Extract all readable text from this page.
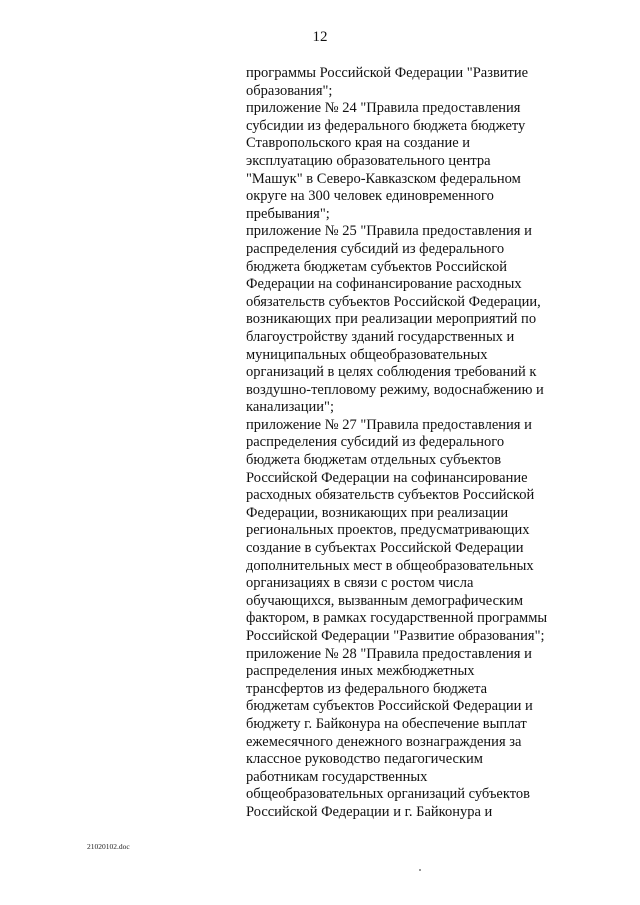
12
программы Российской Федерации "Развитие
образования";
приложение № 24 "Правила предоставления
субсидии из федерального бюджета бюджету
Ставропольского края на создание и
эксплуатацию образовательного центра
"Машук" в Северо-Кавказском федеральном
округе на 300 человек единовременного
пребывания";
приложение № 25 "Правила предоставления и
распределения субсидий из федерального
бюджета бюджетам субъектов Российской
Федерации на софинансирование расходных
обязательств субъектов Российской Федерации,
возникающих при реализации мероприятий по
благоустройству зданий государственных и
муниципальных общеобразовательных
организаций в целях соблюдения требований к
воздушно-тепловому режиму, водоснабжению и
канализации";
приложение № 27 "Правила предоставления и
распределения субсидий из федерального
бюджета бюджетам отдельных субъектов
Российской Федерации на софинансирование
расходных обязательств субъектов Российской
Федерации, возникающих при реализации
региональных проектов, предусматривающих
создание в субъектах Российской Федерации
дополнительных мест в общеобразовательных
организациях в связи с ростом числа
обучающихся, вызванным демографическим
фактором, в рамках государственной программы
Российской Федерации "Развитие образования";
приложение № 28 "Правила предоставления и
распределения иных межбюджетных
трансфертов из федерального бюджета
бюджетам субъектов Российской Федерации и
бюджету г. Байконура на обеспечение выплат
ежемесячного денежного вознаграждения за
классное руководство педагогическим
работникам государственных
общеобразовательных организаций субъектов
Российской Федерации и г. Байконура и
21020102.doc
